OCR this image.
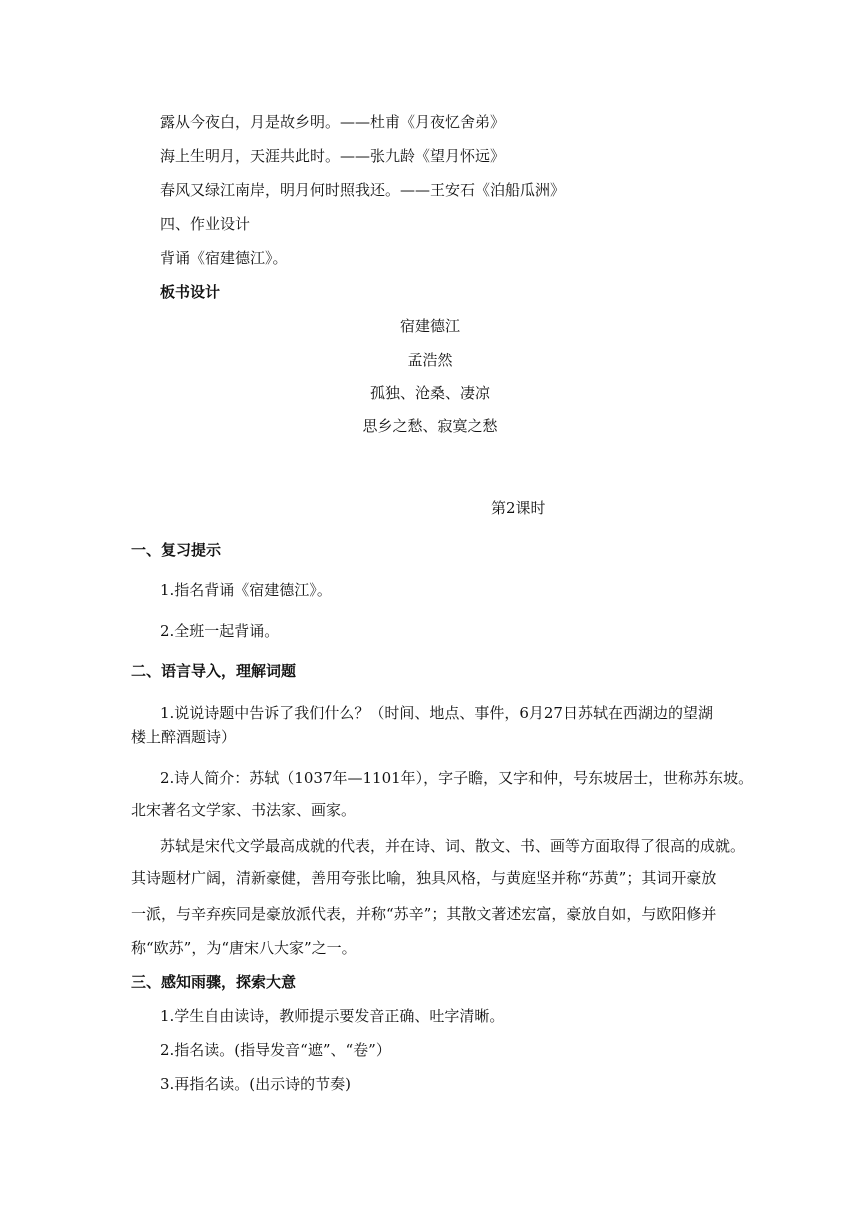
露从今夜白，月是故乡明。——杜甫《月夜忆舍弟》
海上生明月，天涯共此时。——张九龄《望月怀远》
春风又绿江南岸，明月何时照我还。——王安石《泊船瓜洲》
四、作业设计
背诵《宿建德江》。
板书设计
宿建德江
孟浩然
孤独、沧桑、凄凉
思乡之愁、寂寞之愁
第2课时
一、复习提示
1.指名背诵《宿建德江》。
2.全班一起背诵。
二、语言导入，理解词题
1.说说诗题中告诉了我们什么？（时间、地点、事件，6月27日苏轼在西湖边的望湖
楼上醉酒题诗）
2.诗人简介：苏轼（1037年—1101年），字子瞻，又字和仲，号东坡居士，世称苏东坡。
北宋著名文学家、书法家、画家。
苏轼是宋代文学最高成就的代表，并在诗、词、散文、书、画等方面取得了很高的成就。
其诗题材广阔，清新豪健，善用夸张比喻，独具风格，与黄庭坚并称“苏黄”；其词开豪放
一派，与辛弃疾同是豪放派代表，并称“苏辛”；其散文著述宏富，豪放自如，与欧阳修并
称“欧苏”，为“唐宋八大家”之一。
三、感知雨骤，探索大意
1.学生自由读诗，教师提示要发音正确、吐字清晰。
2.指名读。(指导发音“遮”、“卷”）
3.再指名读。(出示诗的节奏)
